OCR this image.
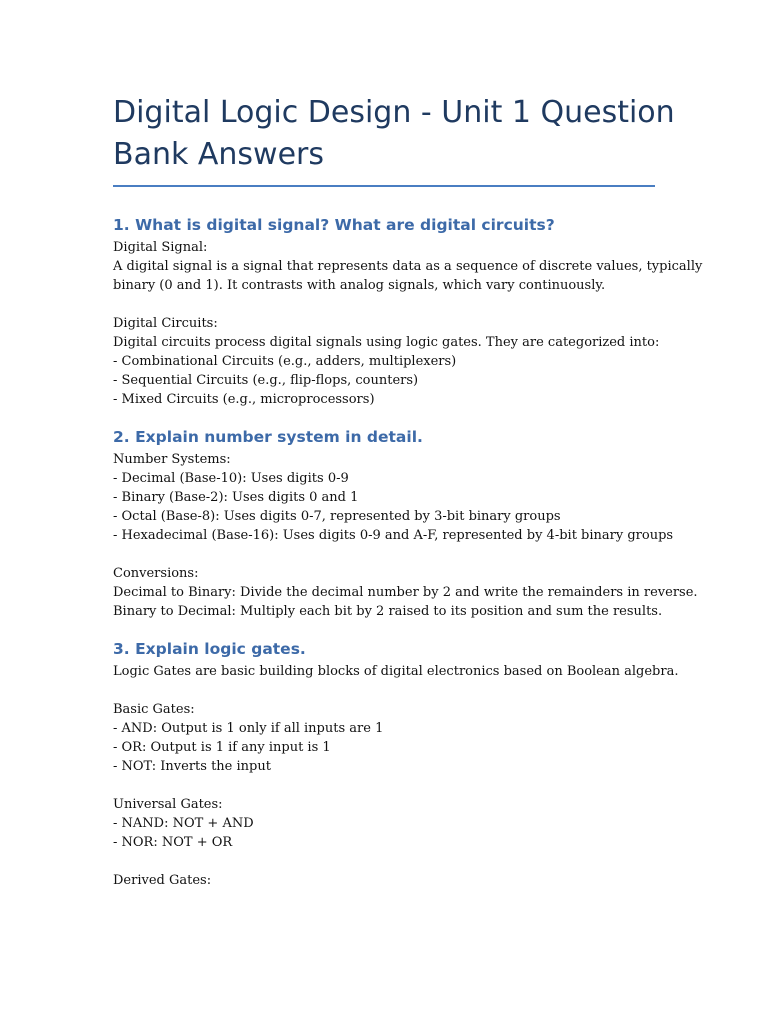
Digital Logic Design - Unit 1 Question
Bank Answers
1. What is digital signal? What are digital circuits?
Digital Signal:
A digital signal is a signal that represents data as a sequence of discrete values, typically
binary (0 and 1). It contrasts with analog signals, which vary continuously.
Digital Circuits:
Digital circuits process digital signals using logic gates. They are categorized into:
- Combinational Circuits (e.g., adders, multiplexers)
- Sequential Circuits (e.g., flip-flops, counters)
- Mixed Circuits (e.g., microprocessors)
2. Explain number system in detail.
Number Systems:
- Decimal (Base-10): Uses digits 0-9
- Binary (Base-2): Uses digits 0 and 1
- Octal (Base-8): Uses digits 0-7, represented by 3-bit binary groups
- Hexadecimal (Base-16): Uses digits 0-9 and A-F, represented by 4-bit binary groups
Conversions:
Decimal to Binary: Divide the decimal number by 2 and write the remainders in reverse.
Binary to Decimal: Multiply each bit by 2 raised to its position and sum the results.
3. Explain logic gates.
Logic Gates are basic building blocks of digital electronics based on Boolean algebra.
Basic Gates:
- AND: Output is 1 only if all inputs are 1
- OR: Output is 1 if any input is 1
- NOT: Inverts the input
Universal Gates:
- NAND: NOT + AND
- NOR: NOT + OR
Derived Gates:
